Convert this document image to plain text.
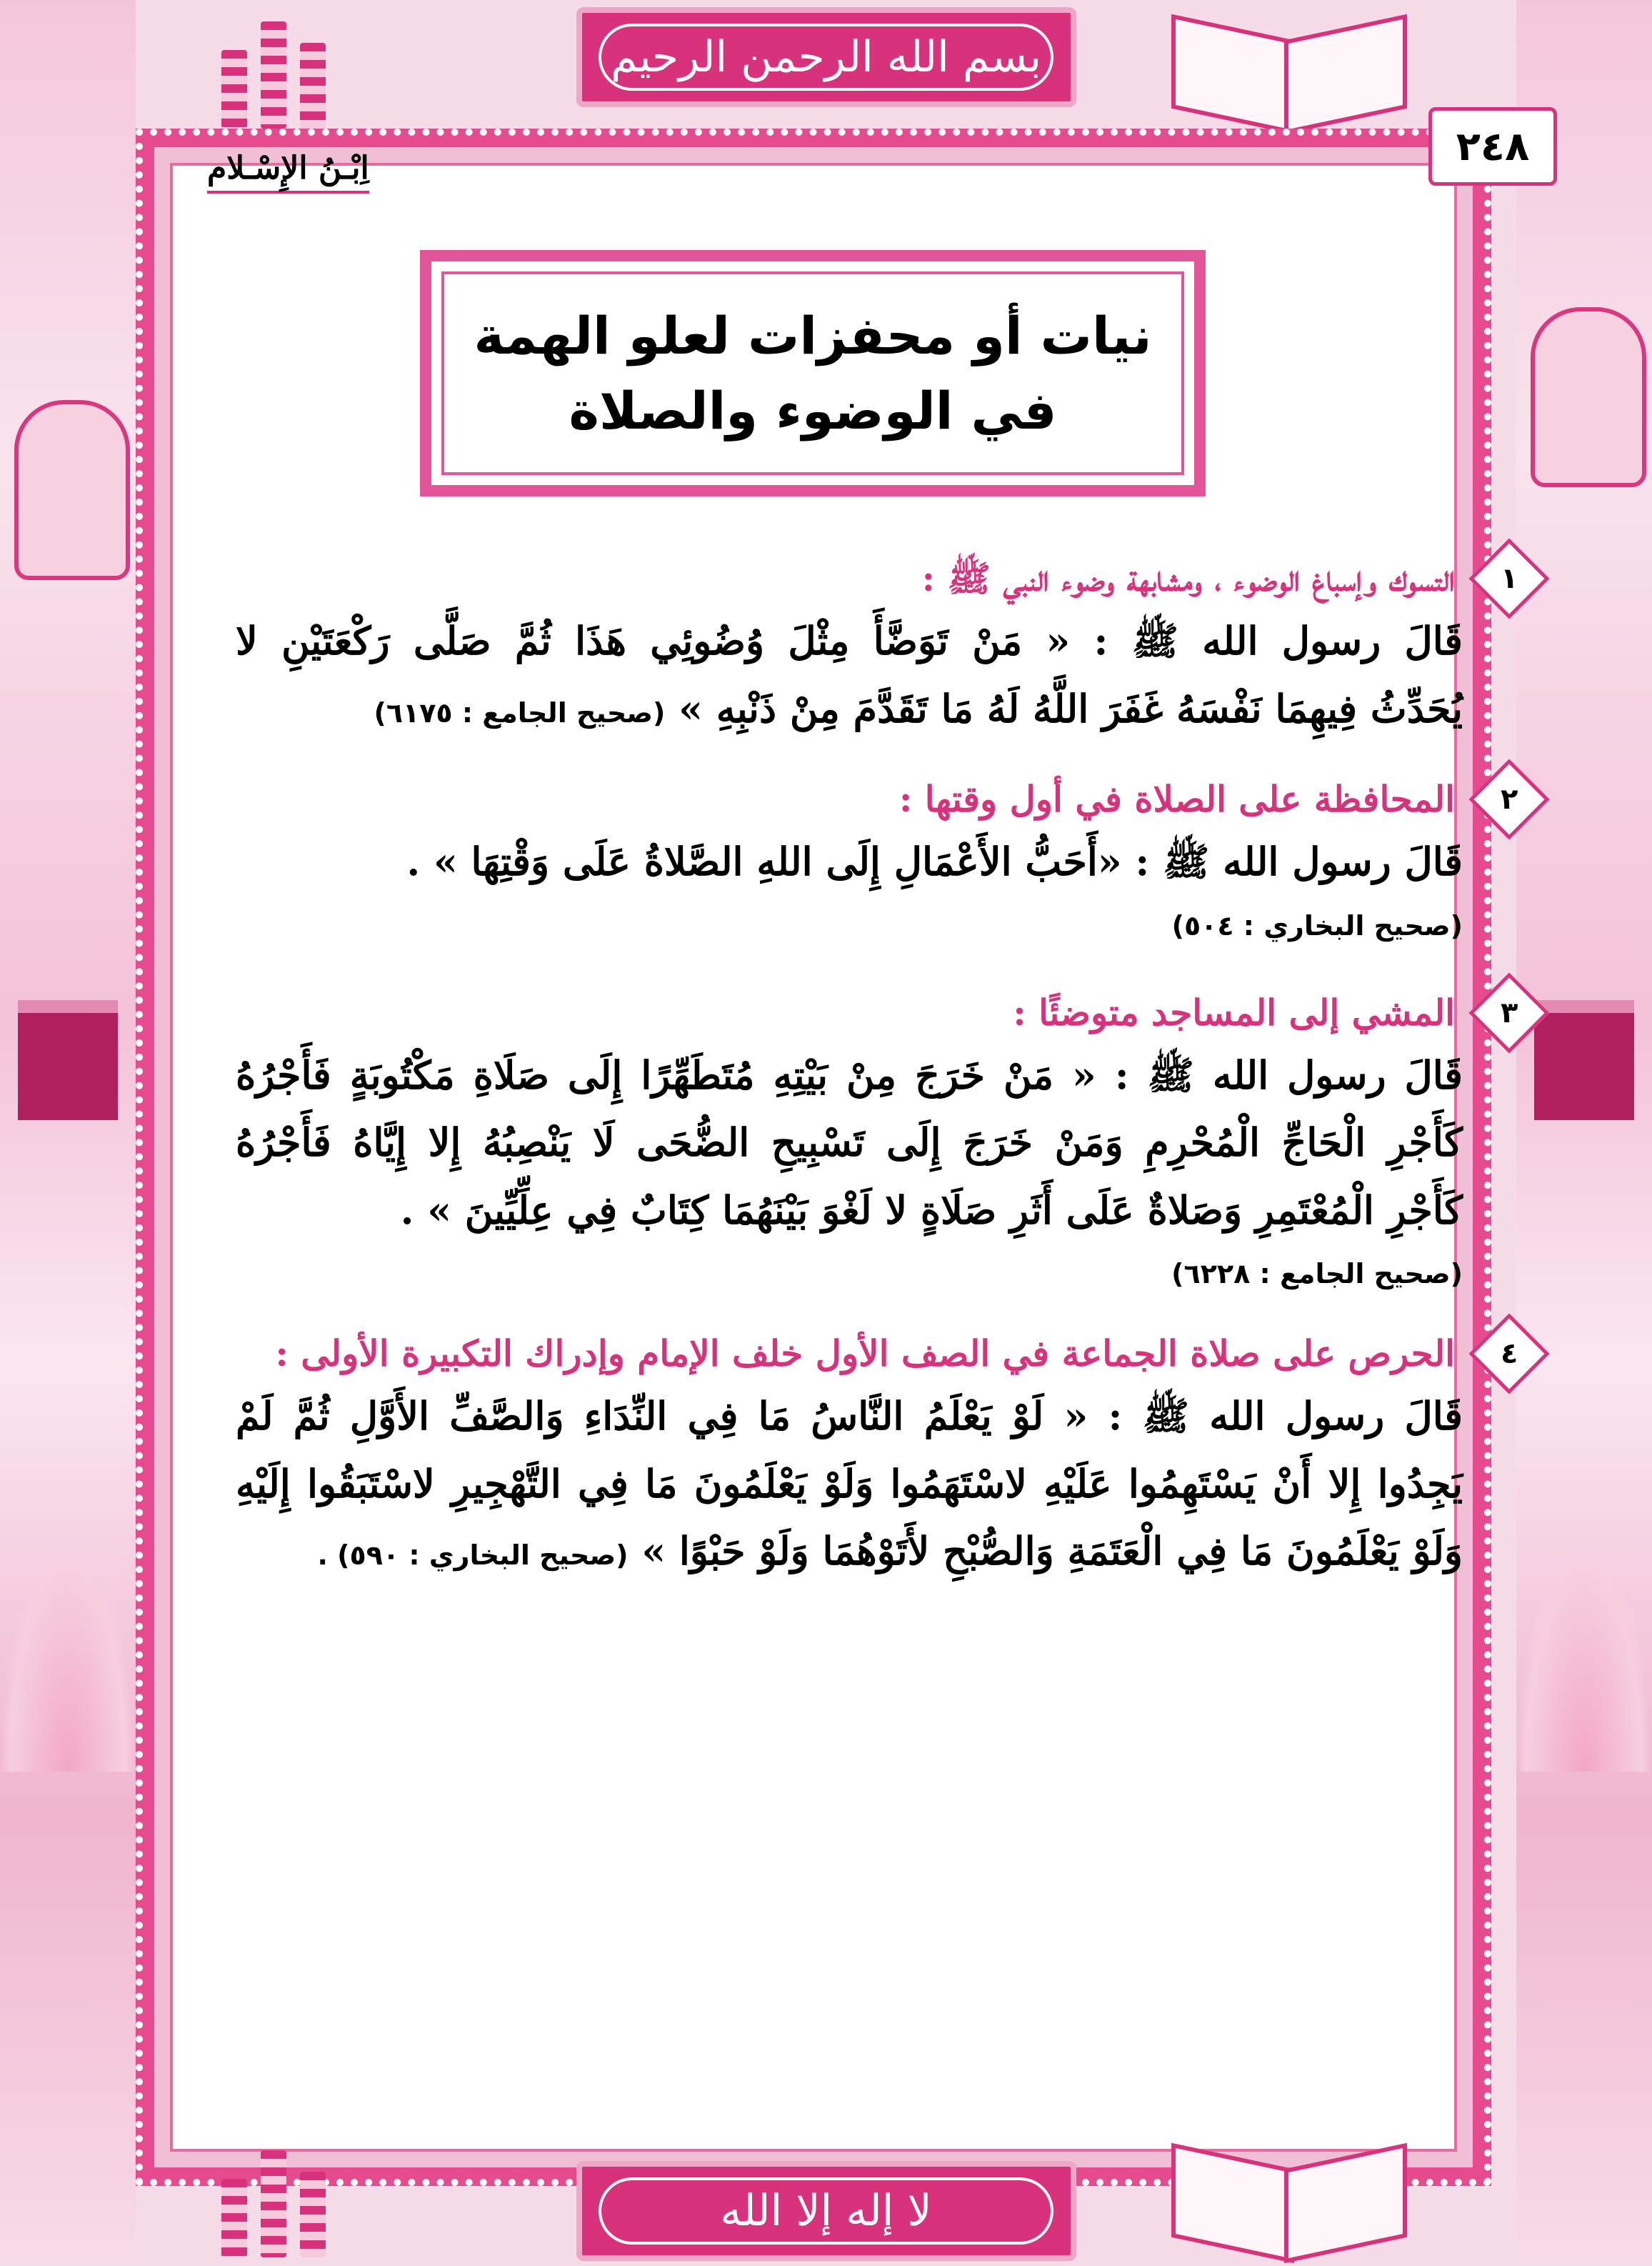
بسم الله الرحمن الرحيم
٢٤٨
اِبْـنُ الإِسْـلام
نيات أو محفزات لعلو الهمة
في الوضوء والصلاة
١
التسوك وإسباغ الوضوء ، ومشابهة وضوء النبي ﷺ :
قَالَ رسول الله ﷺ : « مَنْ تَوَضَّأَ مِثْلَ وُضُوئِي هَذَا ثُمَّ صَلَّى رَكْعَتَيْنِ لا
يُحَدِّثُ فِيهِمَا نَفْسَهُ غَفَرَ اللَّهُ لَهُ مَا تَقَدَّمَ مِنْ ذَنْبِهِ » (صحيح الجامع : ٦١٧٥)
٢
المحافظة على الصلاة في أول وقتها :
قَالَ رسول الله ﷺ : «أَحَبُّ الأَعْمَالِ إِلَى اللهِ الصَّلاةُ عَلَى وَقْتِهَا » .
(صحيح البخاري : ٥٠٤)
٣
المشي إلى المساجد متوضئًا :
قَالَ رسول الله ﷺ : « مَنْ خَرَجَ مِنْ بَيْتِهِ مُتَطَهِّرًا إِلَى صَلَاةِ مَكْتُوبَةٍ فَأَجْرُهُ
كَأَجْرِ الْحَاجِّ الْمُحْرِمِ وَمَنْ خَرَجَ إِلَى تَسْبِيحِ الضُّحَى لَا يَنْصِبُهُ إِلا إِيَّاهُ فَأَجْرُهُ
كَأَجْرِ الْمُعْتَمِرِ وَصَلاةٌ عَلَى أَثَرِ صَلَاةٍ لا لَغْوَ بَيْنَهُمَا كِتَابٌ فِي عِلِّيِّينَ » .
(صحيح الجامع : ٦٢٢٨)
٤
الحرص على صلاة الجماعة في الصف الأول خلف الإمام وإدراك التكبيرة الأولى :
قَالَ رسول الله ﷺ : « لَوْ يَعْلَمُ النَّاسُ مَا فِي النِّدَاءِ وَالصَّفِّ الأَوَّلِ ثُمَّ لَمْ
يَجِدُوا إِلا أَنْ يَسْتَهِمُوا عَلَيْهِ لاسْتَهَمُوا وَلَوْ يَعْلَمُونَ مَا فِي التَّهْجِيرِ لاسْتَبَقُوا إِلَيْهِ
وَلَوْ يَعْلَمُونَ مَا فِي الْعَتَمَةِ وَالصُّبْحِ لأَتَوْهُمَا وَلَوْ حَبْوًا » (صحيح البخاري : ٥٩٠) .
لا إله إلا الله
